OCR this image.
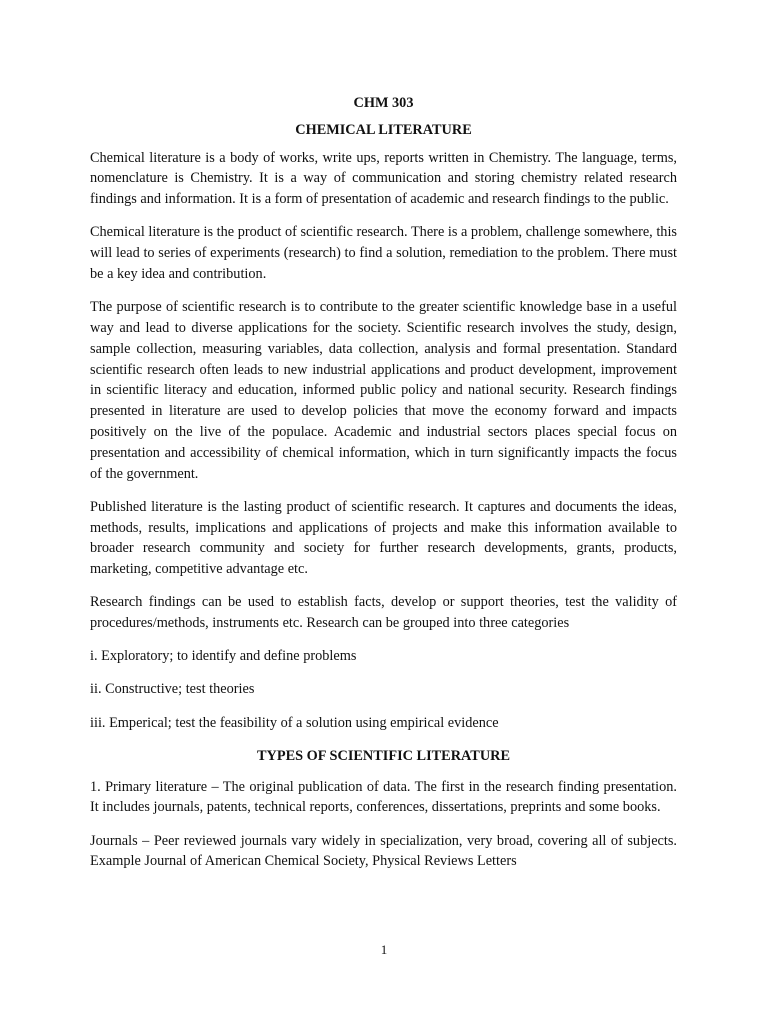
CHM 303
CHEMICAL LITERATURE

Chemical literature is a body of works, write ups, reports written in Chemistry. The language, terms, nomenclature is Chemistry. It is a way of communication and storing chemistry related research findings and information. It is a form of presentation of academic and research findings to the public.

Chemical literature is the product of scientific research. There is a problem, challenge somewhere, this will lead to series of experiments (research) to find a solution, remediation to the problem. There must be a key idea and contribution.

The purpose of scientific research is to contribute to the greater scientific knowledge base in a useful way and lead to diverse applications for the society. Scientific research involves the study, design, sample collection, measuring variables, data collection, analysis and formal presentation. Standard scientific research often leads to new industrial applications and product development, improvement in scientific literacy and education, informed public policy and national security. Research findings presented in literature are used to develop policies that move the economy forward and impacts positively on the live of the populace. Academic and industrial sectors places special focus on presentation and accessibility of chemical information, which in turn significantly impacts the focus of the government.

Published literature is the lasting product of scientific research. It captures and documents the ideas, methods, results, implications and applications of projects and make this information available to broader research community and society for further research developments, grants, products, marketing, competitive advantage etc.

Research findings can be used to establish facts, develop or support theories, test the validity of procedures/methods, instruments etc. Research can be grouped into three categories

i. Exploratory; to identify and define problems
ii. Constructive; test theories
iii. Emperical; test the feasibility of a solution using empirical evidence
TYPES OF SCIENTIFIC LITERATURE

1. Primary literature – The original publication of data. The first in the research finding presentation. It includes journals, patents, technical reports, conferences, dissertations, preprints and some books.

Journals – Peer reviewed journals vary widely in specialization, very broad, covering all of subjects. Example Journal of American Chemical Society, Physical Reviews Letters

1
